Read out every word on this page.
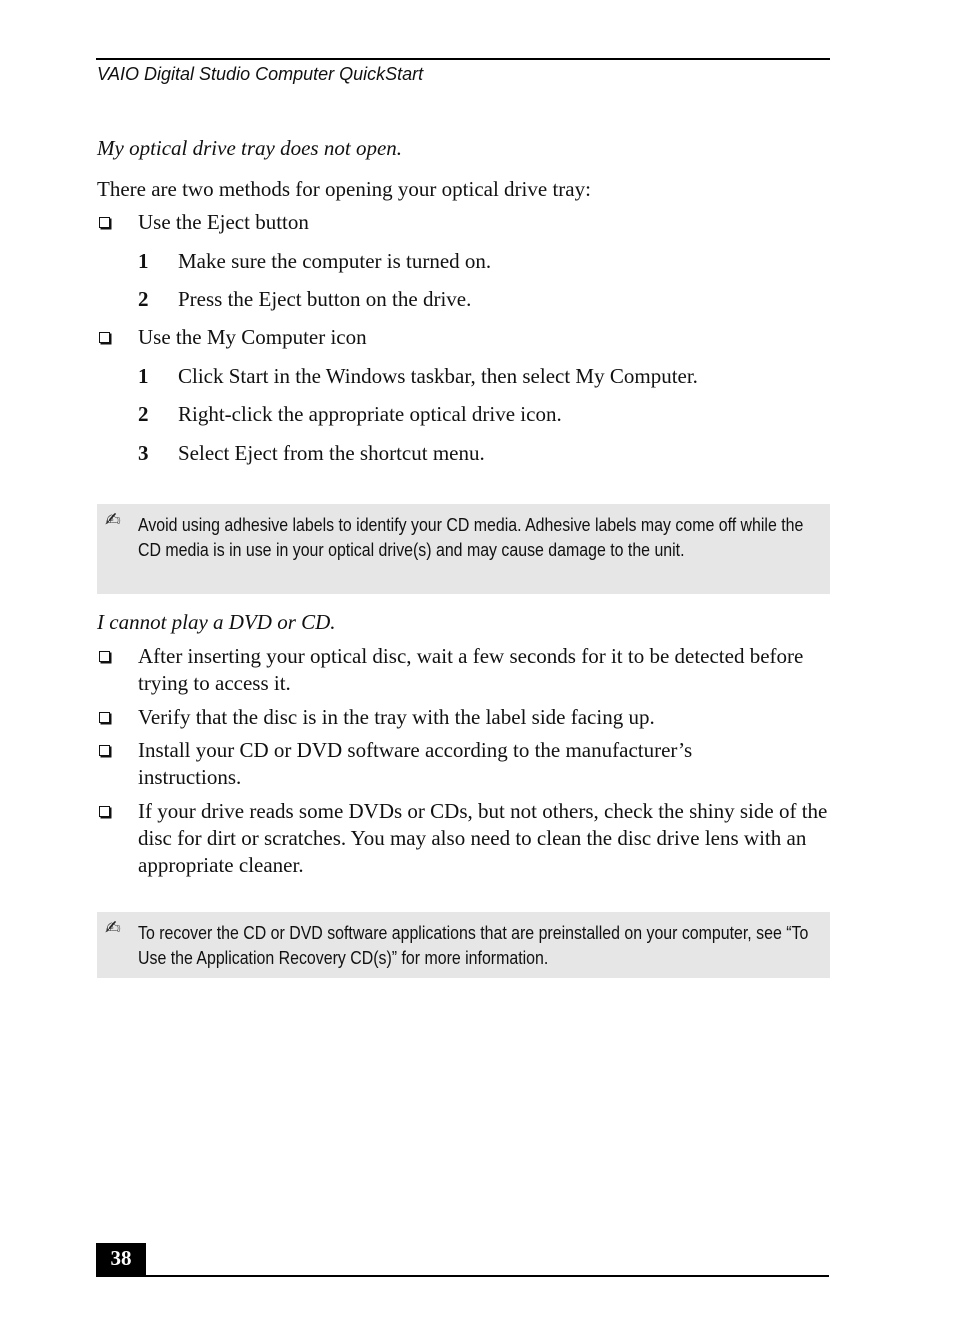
VAIO Digital Studio Computer QuickStart
My optical drive tray does not open.
There are two methods for opening your optical drive tray:
Use the Eject button
1 Make sure the computer is turned on.
2 Press the Eject button on the drive.
Use the My Computer icon
1 Click Start in the Windows taskbar, then select My Computer.
2 Right-click the appropriate optical drive icon.
3 Select Eject from the shortcut menu.
✍ Avoid using adhesive labels to identify your CD media. Adhesive labels may come off while the CD media is in use in your optical drive(s) and may cause damage to the unit.
I cannot play a DVD or CD.
After inserting your optical disc, wait a few seconds for it to be detected before trying to access it.
Verify that the disc is in the tray with the label side facing up.
Install your CD or DVD software according to the manufacturer’s instructions.
If your drive reads some DVDs or CDs, but not others, check the shiny side of the disc for dirt or scratches. You may also need to clean the disc drive lens with an appropriate cleaner.
✍ To recover the CD or DVD software applications that are preinstalled on your computer, see “To Use the Application Recovery CD(s)” for more information.
38
